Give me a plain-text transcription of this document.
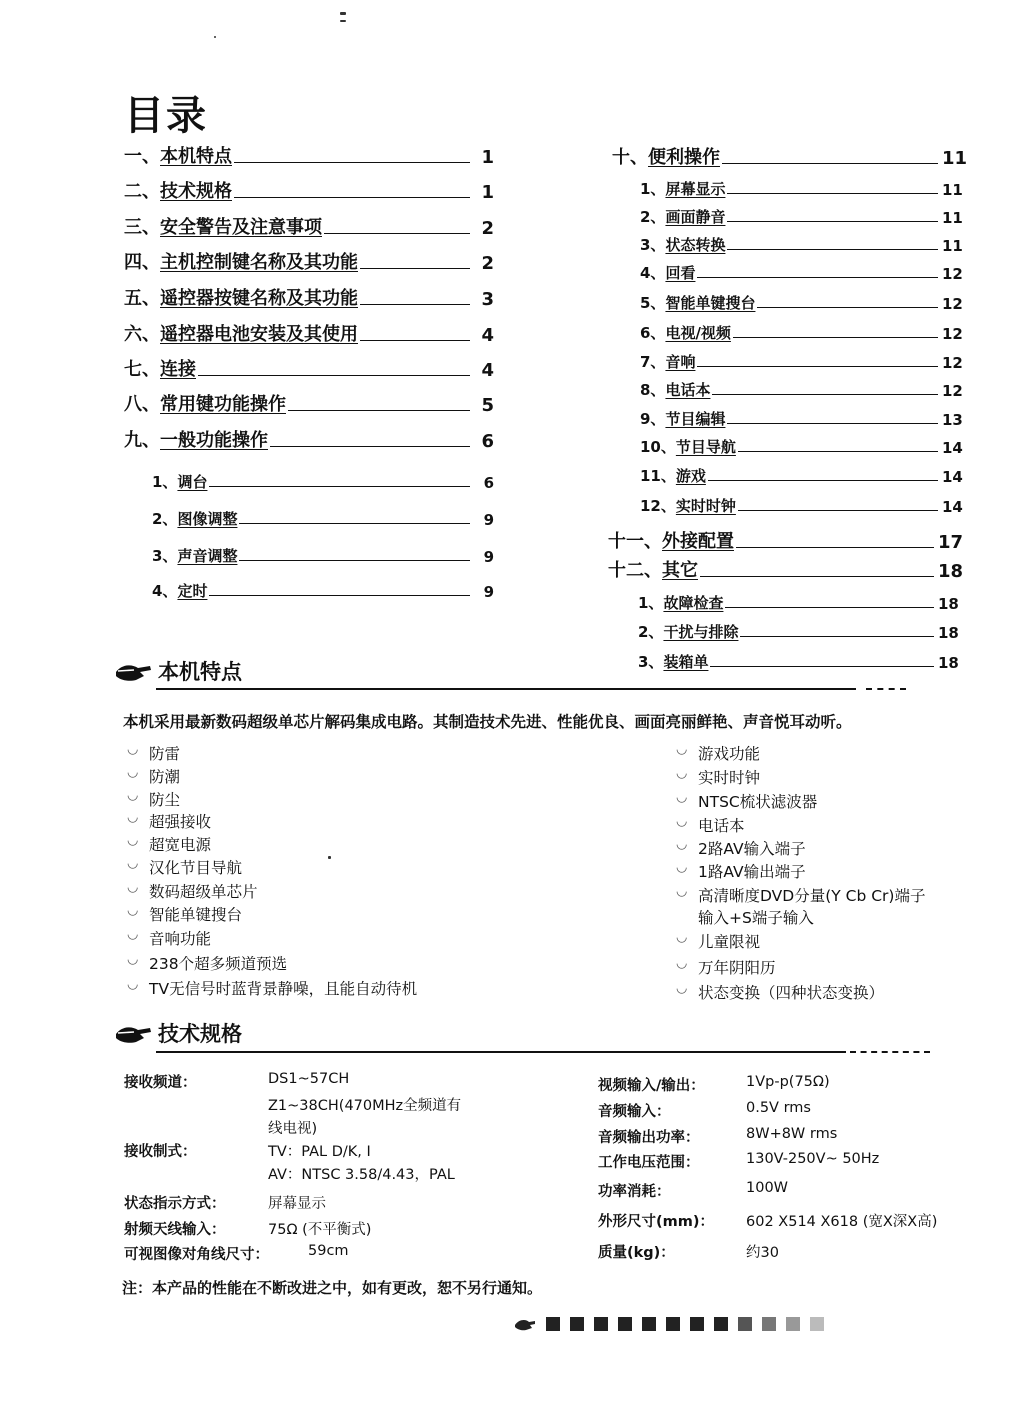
目录
一、 本机特点	1
二、 技术规格	1
三、 安全警告及注意事项	2
四、 主机控制键名称及其功能	2
五、 遥控器按键名称及其功能	3
六、 遥控器电池安装及其使用	4
七、 连接	4
八、 常用键功能操作	5
九、 一般功能操作	6
1、 调台	6
2、 图像调整	9
3、 声音调整	9
4、 定时	9
十、 便利操作	11
1、 屏幕显示	11
2、 画面静音	11
3、 状态转换	11
4、 回看	12
5、 智能单键搜台	12
6、 电视/视频	12
7、 音响	12
8、 电话本	12
9、 节目编辑	13
10、 节目导航	14
11、 游戏	14
12、 实时时钟	14
十一、 外接配置	17
十二、 其它	18
1、 故障检查	18
2、 干扰与排除	18
3、 装箱单	18
本机特点
本机采用最新数码超级单芯片解码集成电路。其制造技术先进、性能优良、画面亮丽鲜艳、声音悦耳动听。
◡ 防雷
◡ 防潮
◡ 防尘
◡ 超强接收
◡ 超宽电源
◡ 汉化节目导航
◡ 数码超级单芯片
◡ 智能单键搜台
◡ 音响功能
◡ 238个超多频道预选
◡ TV无信号时蓝背景静噪，且能自动待机
◡ 游戏功能
◡ 实时时钟
◡ NTSC梳状滤波器
◡ 电话本
◡ 2路AV输入端子
◡ 1路AV输出端子
◡ 高清晰度DVD分量(Y Cb Cr)端子
输入+S端子输入
◡ 儿童限视
◡ 万年阴阳历
◡ 状态变换（四种状态变换）
技术规格
接收频道：	DS1~57CH
Z1~38CH(470MHz全频道有
线电视)
接收制式：	TV：PAL D/K, I
AV：NTSC 3.58/4.43，PAL
状态指示方式：	屏幕显示
射频天线输入：	75Ω (不平衡式)
可视图像对角线尺寸：	59cm
视频输入/输出：	1Vp-p(75Ω)
音频输入：	0.5V rms
音频输出功率：	8W+8W rms
工作电压范围：	130V-250V~ 50Hz
功率消耗：	100W
外形尺寸(mm)： 602 X514 X618 (宽X深X高)
质量(kg)：	约30
注：本产品的性能在不断改进之中，如有更改，恕不另行通知。
